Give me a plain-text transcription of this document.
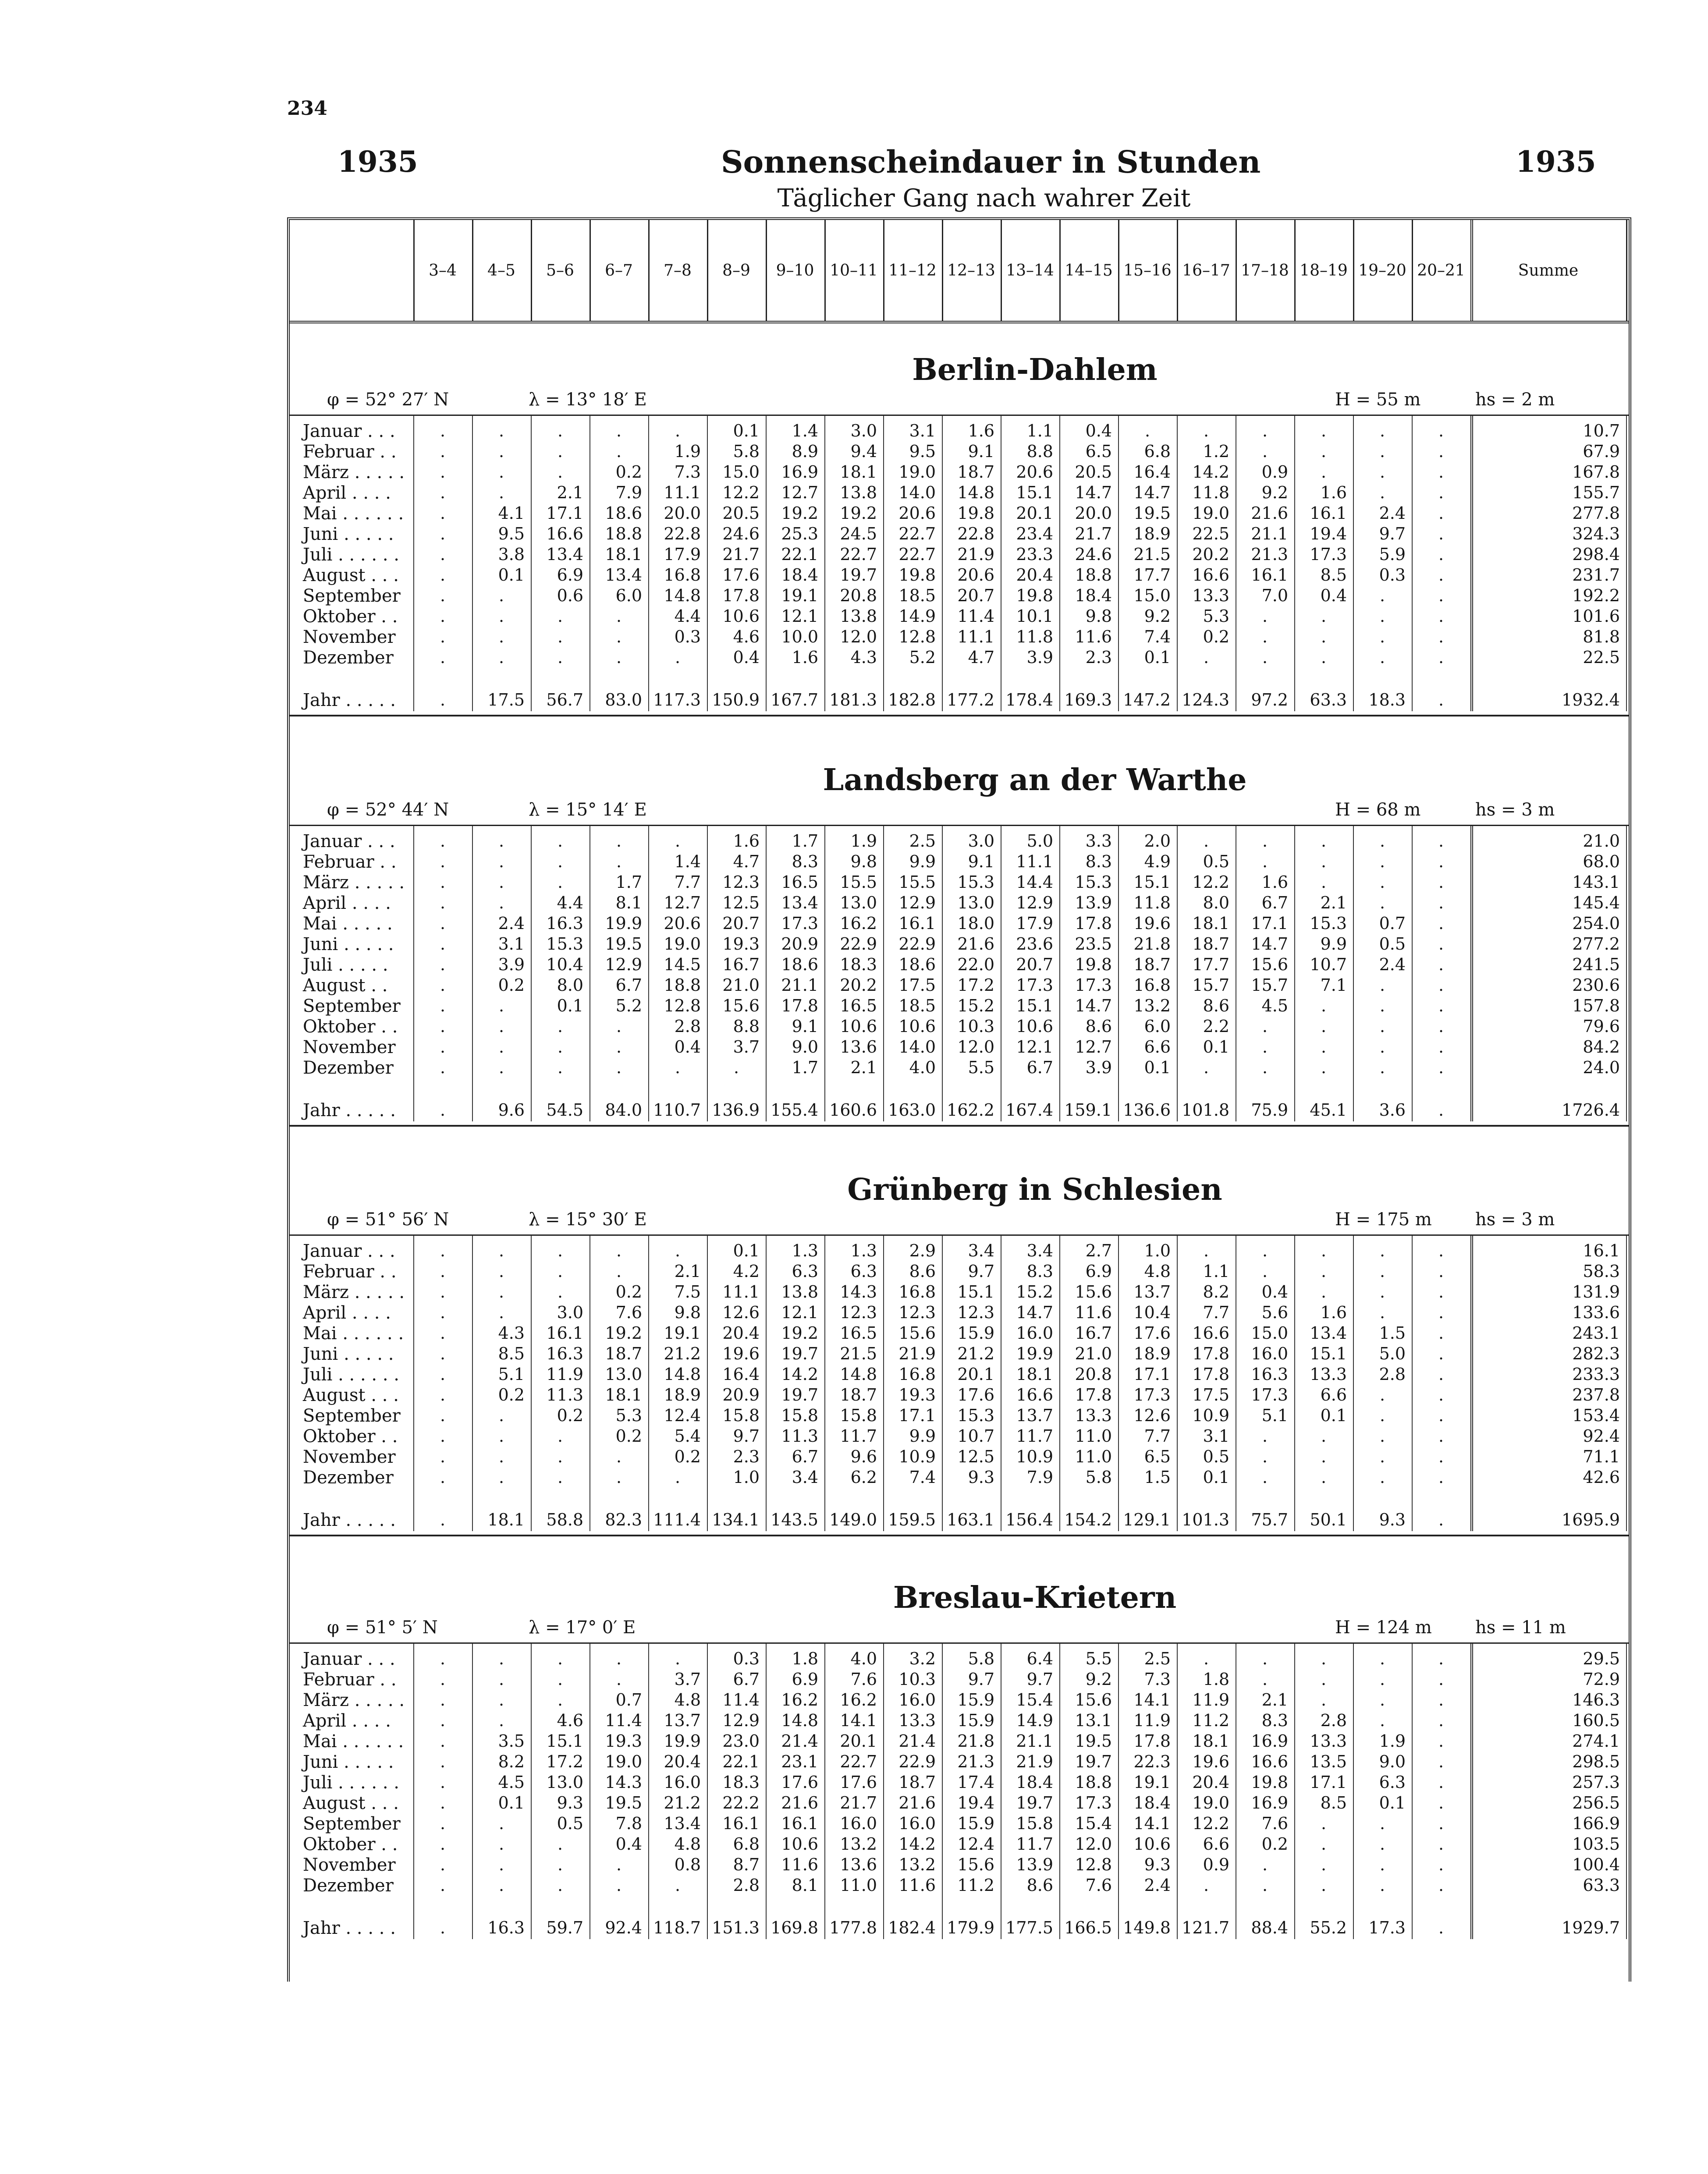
234
1935	Sonnenscheindauer in Stunden	1935
Täglicher Gang nach wahrer Zeit
3–4	4–5	5–6	6–7	7–8	8–9	9–10 10–11 11–12 12–13 13–14 14–15 15–16 16–17 17–18 18–19 19–20 20–21	Summe
Berlin-Dahlem
φ = 52° 27′ N	λ = 13° 18′ E	H = 55 m	hs = 2 m
Januar . . .	.	.	.	.	.	0.1	1.4	3.0	3.1	1.6	1.1	0.4	.	.	.	.	.	.	10.7
Februar . .	.	.	.	.	1.9	5.8	8.9	9.4	9.5	9.1	8.8	6.5	6.8	1.2	.	.	.	.	67.9
März . . . . .	.	.	.	0.2	7.3	15.0	16.9	18.1	19.0	18.7	20.6	20.5	16.4	14.2	0.9	.	.	.	167.8
April . . . .	.	.	2.1	7.9	11.1	12.2	12.7	13.8	14.0	14.8	15.1	14.7	14.7	11.8	9.2	1.6	.	.	155.7
Mai . . . . . .	.	4.1	17.1	18.6	20.0	20.5	19.2	19.2	20.6	19.8	20.1	20.0	19.5	19.0	21.6	16.1	2.4	.	277.8
Juni . . . . .	.	9.5	16.6	18.8	22.8	24.6	25.3	24.5	22.7	22.8	23.4	21.7	18.9	22.5	21.1	19.4	9.7	.	324.3
Juli . . . . . .	.	3.8	13.4	18.1	17.9	21.7	22.1	22.7	22.7	21.9	23.3	24.6	21.5	20.2	21.3	17.3	5.9	.	298.4
August . . .	.	0.1	6.9	13.4	16.8	17.6	18.4	19.7	19.8	20.6	20.4	18.8	17.7	16.6	16.1	8.5	0.3	.	231.7
September	.	.	0.6	6.0	14.8	17.8	19.1	20.8	18.5	20.7	19.8	18.4	15.0	13.3	7.0	0.4	.	.	192.2
Oktober . .	.	.	.	.	4.4	10.6	12.1	13.8	14.9	11.4	10.1	9.8	9.2	5.3	.	.	.	.	101.6
November	.	.	.	.	0.3	4.6	10.0	12.0	12.8	11.1	11.8	11.6	7.4	0.2	.	.	.	.	81.8
Dezember	.	.	.	.	.	0.4	1.6	4.3	5.2	4.7	3.9	2.3	0.1	.	.	.	.	.	22.5
Jahr . . . . .	.	17.5	56.7	83.0 117.3 150.9 167.7 181.3 182.8 177.2 178.4 169.3 147.2 124.3	97.2	63.3	18.3	.	1932.4
Landsberg an der Warthe
φ = 52° 44′ N	λ = 15° 14′ E	H = 68 m	hs = 3 m
Januar . . .	.	.	.	.	.	1.6	1.7	1.9	2.5	3.0	5.0	3.3	2.0	.	.	.	.	.	21.0
Februar . .	.	.	.	.	1.4	4.7	8.3	9.8	9.9	9.1	11.1	8.3	4.9	0.5	.	.	.	.	68.0
März . . . . .	.	.	.	1.7	7.7	12.3	16.5	15.5	15.5	15.3	14.4	15.3	15.1	12.2	1.6	.	.	.	143.1
April . . . .	.	.	4.4	8.1	12.7	12.5	13.4	13.0	12.9	13.0	12.9	13.9	11.8	8.0	6.7	2.1	.	.	145.4
Mai . . . . .	.	2.4	16.3	19.9	20.6	20.7	17.3	16.2	16.1	18.0	17.9	17.8	19.6	18.1	17.1	15.3	0.7	.	254.0
Juni . . . . .	.	3.1	15.3	19.5	19.0	19.3	20.9	22.9	22.9	21.6	23.6	23.5	21.8	18.7	14.7	9.9	0.5	.	277.2
Juli . . . . .	.	3.9	10.4	12.9	14.5	16.7	18.6	18.3	18.6	22.0	20.7	19.8	18.7	17.7	15.6	10.7	2.4	.	241.5
August . .	.	0.2	8.0	6.7	18.8	21.0	21.1	20.2	17.5	17.2	17.3	17.3	16.8	15.7	15.7	7.1	.	.	230.6
September	.	.	0.1	5.2	12.8	15.6	17.8	16.5	18.5	15.2	15.1	14.7	13.2	8.6	4.5	.	.	.	157.8
Oktober . .	.	.	.	.	2.8	8.8	9.1	10.6	10.6	10.3	10.6	8.6	6.0	2.2	.	.	.	.	79.6
November	.	.	.	.	0.4	3.7	9.0	13.6	14.0	12.0	12.1	12.7	6.6	0.1	.	.	.	.	84.2
Dezember	.	.	.	.	.	.	1.7	2.1	4.0	5.5	6.7	3.9	0.1	.	.	.	.	.	24.0
Jahr . . . . .	.	9.6	54.5	84.0 110.7 136.9 155.4 160.6 163.0 162.2 167.4 159.1 136.6 101.8	75.9	45.1	3.6	.	1726.4
Grünberg in Schlesien
φ = 51° 56′ N	λ = 15° 30′ E	H = 175 m hs = 3 m
Januar . . .	.	.	.	.	.	0.1	1.3	1.3	2.9	3.4	3.4	2.7	1.0	.	.	.	.	.	16.1
Februar . .	.	.	.	.	2.1	4.2	6.3	6.3	8.6	9.7	8.3	6.9	4.8	1.1	.	.	.	.	58.3
März . . . . .	.	.	.	0.2	7.5	11.1	13.8	14.3	16.8	15.1	15.2	15.6	13.7	8.2	0.4	.	.	.	131.9
April . . . .	.	.	3.0	7.6	9.8	12.6	12.1	12.3	12.3	12.3	14.7	11.6	10.4	7.7	5.6	1.6	.	.	133.6
Mai . . . . . .	.	4.3	16.1	19.2	19.1	20.4	19.2	16.5	15.6	15.9	16.0	16.7	17.6	16.6	15.0	13.4	1.5	.	243.1
Juni . . . . .	.	8.5	16.3	18.7	21.2	19.6	19.7	21.5	21.9	21.2	19.9	21.0	18.9	17.8	16.0	15.1	5.0	.	282.3
Juli . . . . . .	.	5.1	11.9	13.0	14.8	16.4	14.2	14.8	16.8	20.1	18.1	20.8	17.1	17.8	16.3	13.3	2.8	.	233.3
August . . .	.	0.2	11.3	18.1	18.9	20.9	19.7	18.7	19.3	17.6	16.6	17.8	17.3	17.5	17.3	6.6	.	.	237.8
September	.	.	0.2	5.3	12.4	15.8	15.8	15.8	17.1	15.3	13.7	13.3	12.6	10.9	5.1	0.1	.	.	153.4
Oktober . .	.	.	.	0.2	5.4	9.7	11.3	11.7	9.9	10.7	11.7	11.0	7.7	3.1	.	.	.	.	92.4
November	.	.	.	.	0.2	2.3	6.7	9.6	10.9	12.5	10.9	11.0	6.5	0.5	.	.	.	.	71.1
Dezember	.	.	.	.	.	1.0	3.4	6.2	7.4	9.3	7.9	5.8	1.5	0.1	.	.	.	.	42.6
Jahr . . . . .	.	18.1	58.8	82.3 111.4 134.1 143.5 149.0 159.5 163.1 156.4 154.2 129.1 101.3	75.7	50.1	9.3	.	1695.9
Breslau-Krietern
φ = 51° 5′ N	λ = 17° 0′ E	H = 124 m hs = 11 m
Januar . . .	.	.	.	.	.	0.3	1.8	4.0	3.2	5.8	6.4	5.5	2.5	.	.	.	.	.	29.5
Februar . .	.	.	.	.	3.7	6.7	6.9	7.6	10.3	9.7	9.7	9.2	7.3	1.8	.	.	.	.	72.9
März . . . . .	.	.	.	0.7	4.8	11.4	16.2	16.2	16.0	15.9	15.4	15.6	14.1	11.9	2.1	.	.	.	146.3
April . . . .	.	.	4.6	11.4	13.7	12.9	14.8	14.1	13.3	15.9	14.9	13.1	11.9	11.2	8.3	2.8	.	.	160.5
Mai . . . . . .	.	3.5	15.1	19.3	19.9	23.0	21.4	20.1	21.4	21.8	21.1	19.5	17.8	18.1	16.9	13.3	1.9	.	274.1
Juni . . . . .	.	8.2	17.2	19.0	20.4	22.1	23.1	22.7	22.9	21.3	21.9	19.7	22.3	19.6	16.6	13.5	9.0	.	298.5
Juli . . . . . .	.	4.5	13.0	14.3	16.0	18.3	17.6	17.6	18.7	17.4	18.4	18.8	19.1	20.4	19.8	17.1	6.3	.	257.3
August . . .	.	0.1	9.3	19.5	21.2	22.2	21.6	21.7	21.6	19.4	19.7	17.3	18.4	19.0	16.9	8.5	0.1	.	256.5
September	.	.	0.5	7.8	13.4	16.1	16.1	16.0	16.0	15.9	15.8	15.4	14.1	12.2	7.6	.	.	.	166.9
Oktober . .	.	.	.	0.4	4.8	6.8	10.6	13.2	14.2	12.4	11.7	12.0	10.6	6.6	0.2	.	.	.	103.5
November	.	.	.	.	0.8	8.7	11.6	13.6	13.2	15.6	13.9	12.8	9.3	0.9	.	.	.	.	100.4
Dezember	.	.	.	.	.	2.8	8.1	11.0	11.6	11.2	8.6	7.6	2.4	.	.	.	.	.	63.3
Jahr . . . . .	.	16.3	59.7	92.4 118.7 151.3 169.8 177.8 182.4 179.9 177.5 166.5 149.8 121.7	88.4	55.2	17.3	.	1929.7
